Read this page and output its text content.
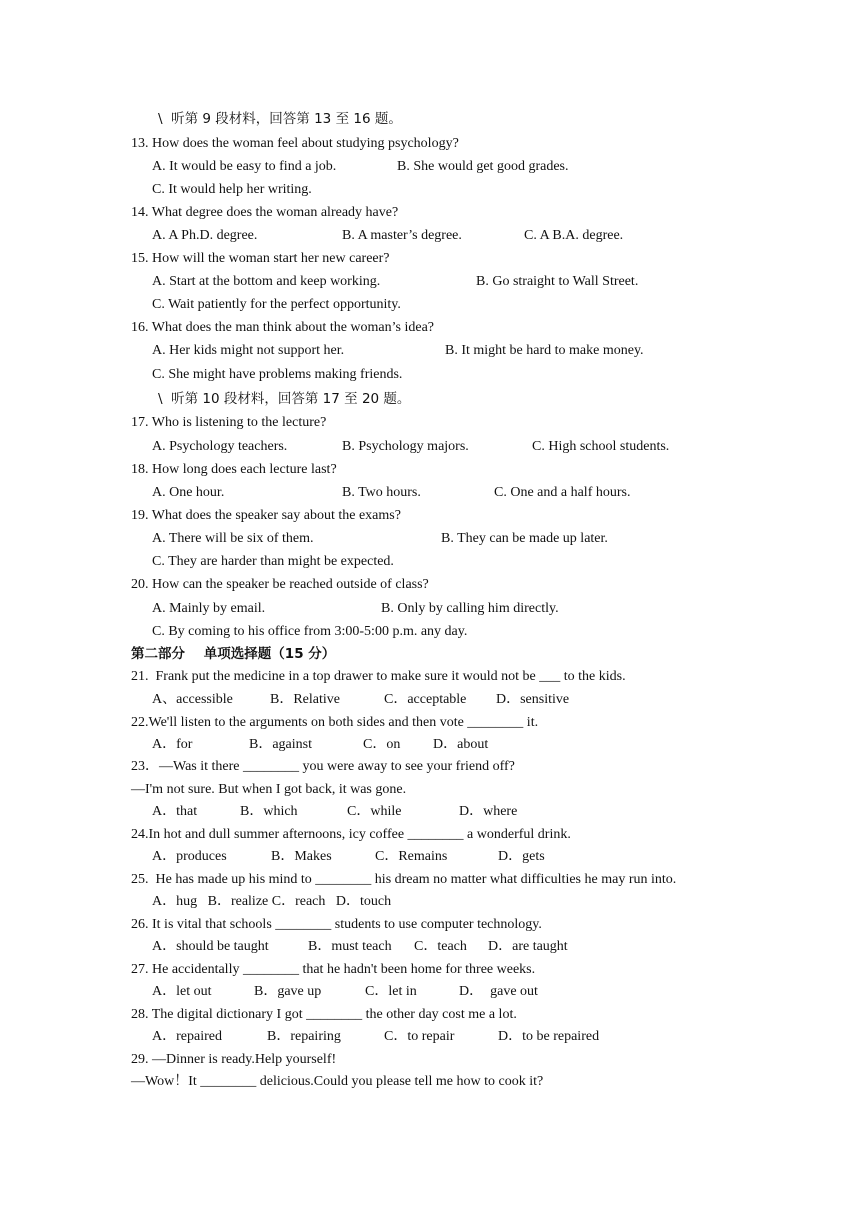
\  听第 9 段材料，回答第 13 至 16 题。
13. How does the woman feel about studying psychology?
A. It would be easy to find a job.	B. She would get good grades.
C. It would help her writing.
14. What degree does the woman already have?
A. A Ph.D. degree.	B. A master’s degree.	C. A B.A. degree.
15. How will the woman start her new career?
A. Start at the bottom and keep working.	B. Go straight to Wall Street.
C. Wait patiently for the perfect opportunity.
16. What does the man think about the woman’s idea?
A. Her kids might not support her.	B. It might be hard to make money.
C. She might have problems making friends.
\  听第 10 段材料，回答第 17 至 20 题。
17. Who is listening to the lecture?
A. Psychology teachers.	B. Psychology majors.	C. High school students.
18. How long does each lecture last?
A. One hour.	B. Two hours.	C. One and a half hours.
19. What does the speaker say about the exams?
A. There will be six of them.	B. They can be made up later.
C. They are harder than might be expected.
20. How can the speaker be reached outside of class?
A. Mainly by email.	B. Only by calling him directly.
C. By coming to his office from 3:00-5:00 p.m. any day.
第二部分    单项选择题（15 分）
21.  Frank put the medicine in a top drawer to make sure it would not be ___ to the kids.
A、accessible	B．Relative	C．acceptable D．sensitive
22.We'll listen to the arguments on both sides and then vote ________ it.
A．for	B．against	C．on D．about
23．—Was it there ________ you were away to see your friend off?
—I'm not sure. But when I got back, it was gone.
A．that	B．which	C．while	D．where
24.In hot and dull summer afternoons, icy coffee ________ a wonderful drink.
A．produces	B．Makes	C．Remains	D．gets
25.  He has made up his mind to ________ his dream no matter what difficulties he may run into.
A．hug   B．realize C．reach   D．touch
26. It is vital that schools ________ students to use computer technology.
A．should be taught	B．must teach C．teach D．are taught
27. He accidentally ________ that he hadn't been home for three weeks.
A．let out	B．gave up	C．let in	D．  gave out
28. The digital dictionary I got ________ the other day cost me a lot.
A．repaired	B．repairing	C．to repair	D．to be repaired
29. —Dinner is ready.Help yourself!
—Wow！It ________ delicious.Could you please tell me how to cook it?
